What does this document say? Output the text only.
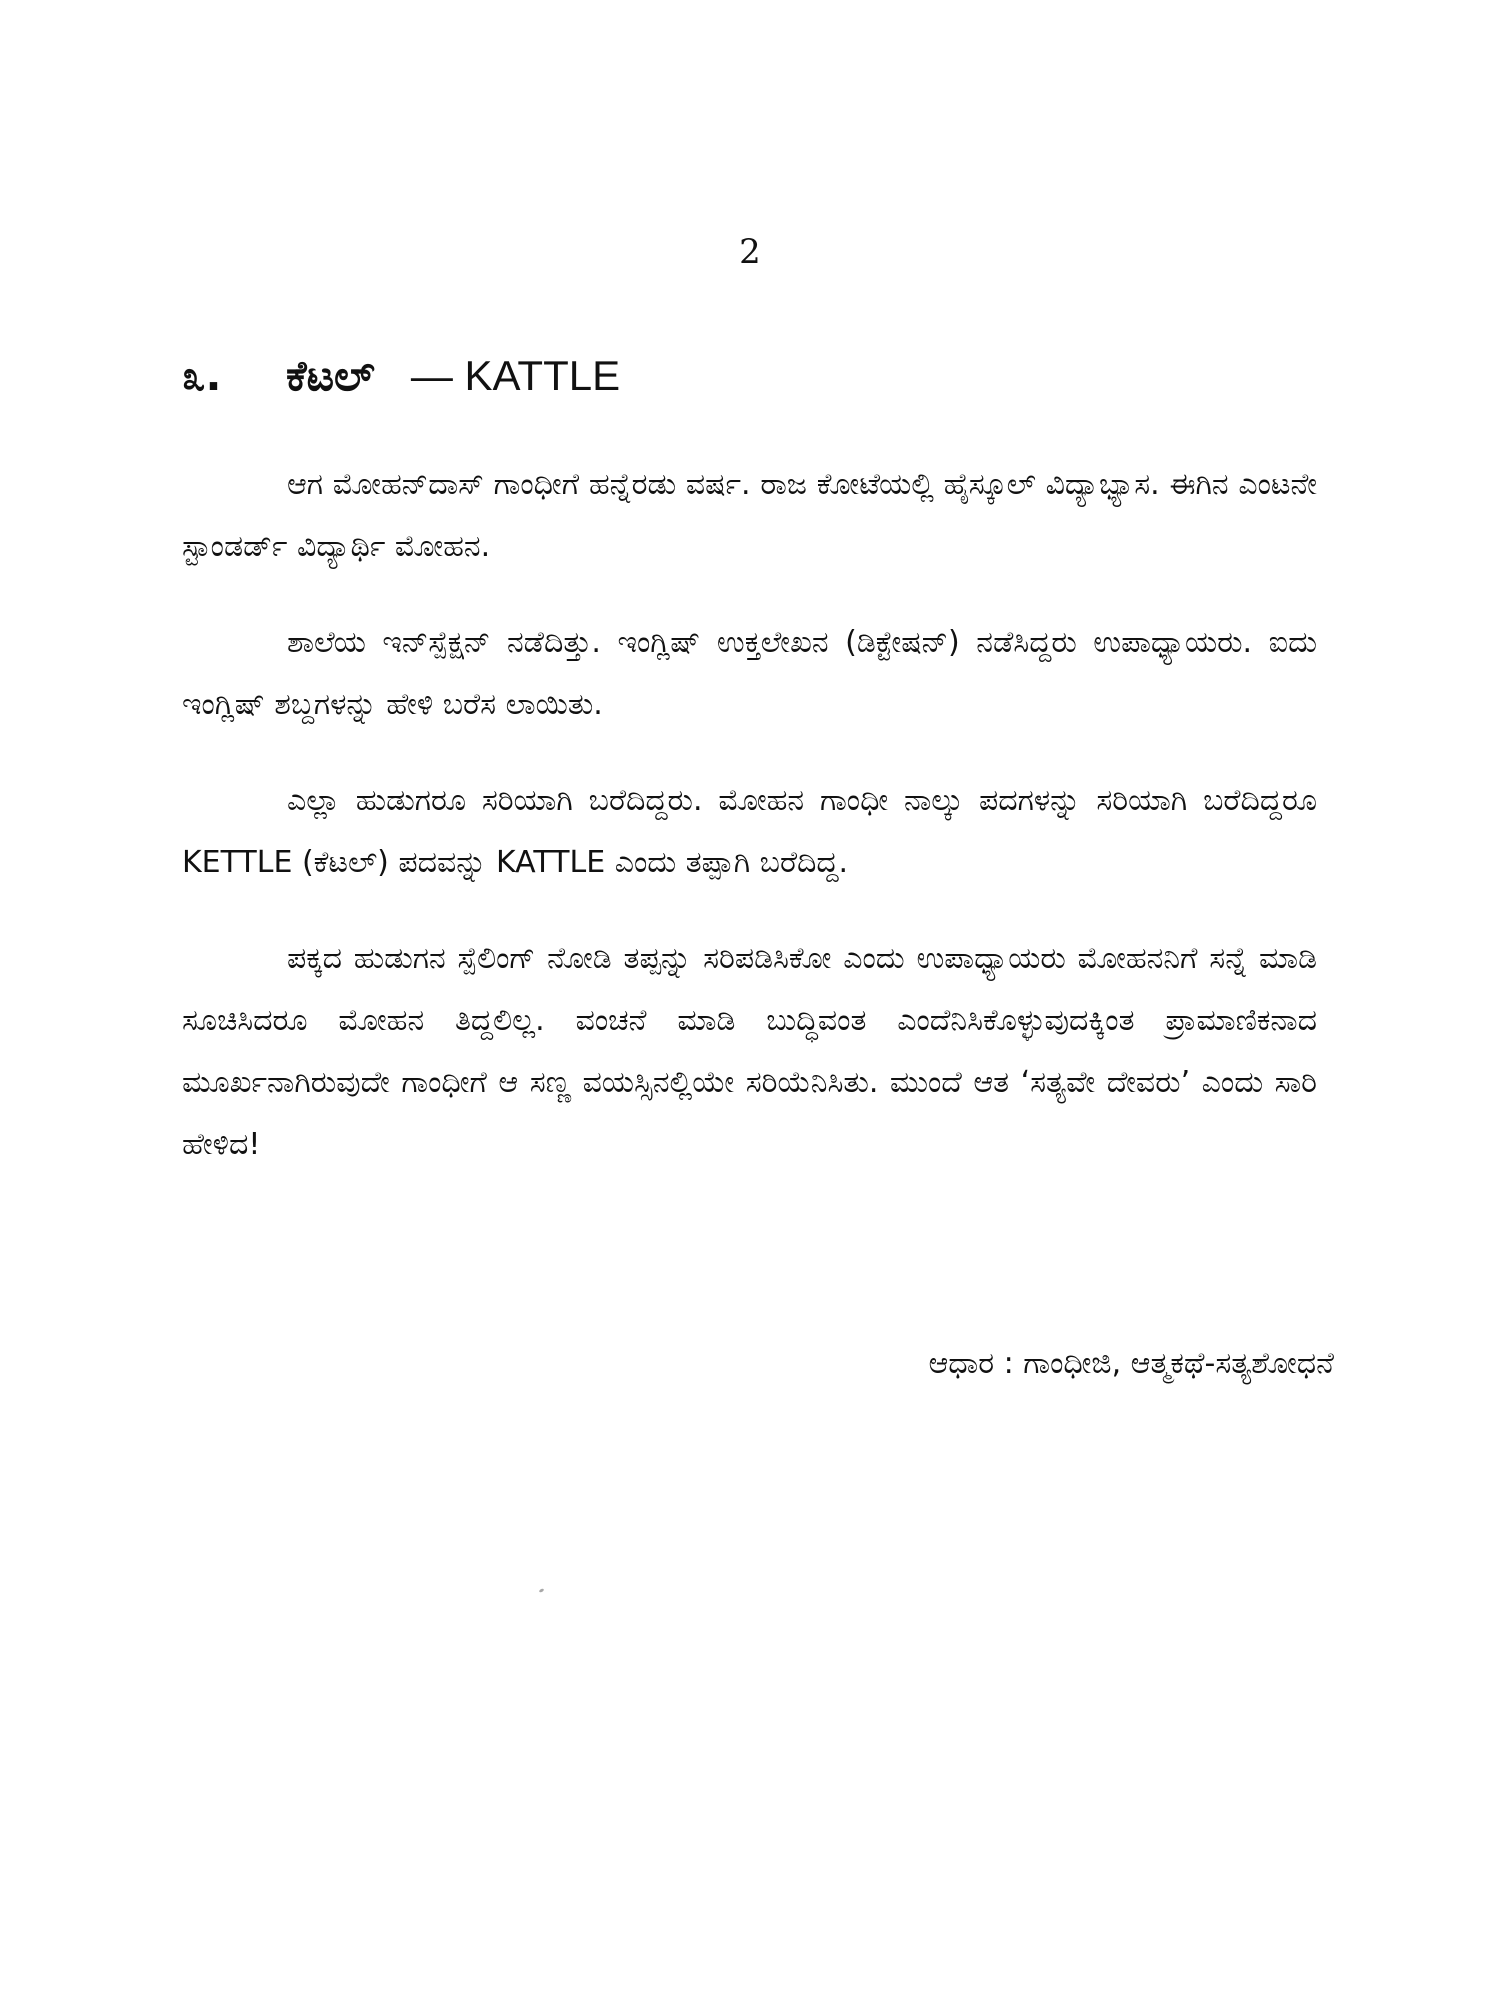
2
೩.	ಕೆಟಲ್ — KATTLE

ಆಗ ಮೋಹನ್‌ದಾಸ್ ಗಾಂಧೀಗೆ ಹನ್ನೆರಡು ವರ್ಷ. ರಾಜ ಕೋಟೆಯಲ್ಲಿ ಹೈಸ್ಕೂಲ್ ವಿದ್ಯಾಭ್ಯಾಸ. ಈಗಿನ ಎಂಟನೇ ಸ್ಟಾಂಡರ್ಡ್ ವಿದ್ಯಾರ್ಥಿ ಮೋಹನ.

ಶಾಲೆಯ ಇನ್‌ಸ್ಪೆಕ್ಷನ್ ನಡೆದಿತ್ತು. ಇಂಗ್ಲಿಷ್ ಉಕ್ತಲೇಖನ (ಡಿಕ್ಟೇಷನ್) ನಡೆಸಿದ್ದರು ಉಪಾಧ್ಯಾಯರು. ಐದು ಇಂಗ್ಲಿಷ್ ಶಬ್ದಗಳನ್ನು ಹೇಳಿ ಬರೆಸ ಲಾಯಿತು.

ಎಲ್ಲಾ ಹುಡುಗರೂ ಸರಿಯಾಗಿ ಬರೆದಿದ್ದರು. ಮೋಹನ ಗಾಂಧೀ ನಾಲ್ಕು ಪದಗಳನ್ನು ಸರಿಯಾಗಿ ಬರೆದಿದ್ದರೂ KETTLE (ಕೆಟಲ್) ಪದವನ್ನು KATTLE ಎಂದು ತಪ್ಪಾಗಿ ಬರೆದಿದ್ದ.

ಪಕ್ಕದ ಹುಡುಗನ ಸ್ಪೆಲಿಂಗ್ ನೋಡಿ ತಪ್ಪನ್ನು ಸರಿಪಡಿಸಿಕೋ ಎಂದು ಉಪಾಧ್ಯಾಯರು ಮೋಹನನಿಗೆ ಸನ್ನೆ ಮಾಡಿ ಸೂಚಿಸಿದರೂ ಮೋಹನ ತಿದ್ದಲಿಲ್ಲ. ವಂಚನೆ ಮಾಡಿ ಬುದ್ಧಿವಂತ ಎಂದೆನಿಸಿಕೊಳ್ಳುವುದಕ್ಕಿಂತ ಪ್ರಾಮಾಣಿಕನಾದ ಮೂರ್ಖನಾಗಿರುವುದೇ ಗಾಂಧೀಗೆ ಆ ಸಣ್ಣ ವಯಸ್ಸಿನಲ್ಲಿಯೇ ಸರಿಯೆನಿಸಿತು. ಮುಂದೆ ಆತ ‘ಸತ್ಯವೇ ದೇವರು’ ಎಂದು ಸಾರಿ ಹೇಳಿದ!

ಆಧಾರ : ಗಾಂಧೀಜಿ, ಆತ್ಮಕಥೆ-ಸತ್ಯಶೋಧನೆ
